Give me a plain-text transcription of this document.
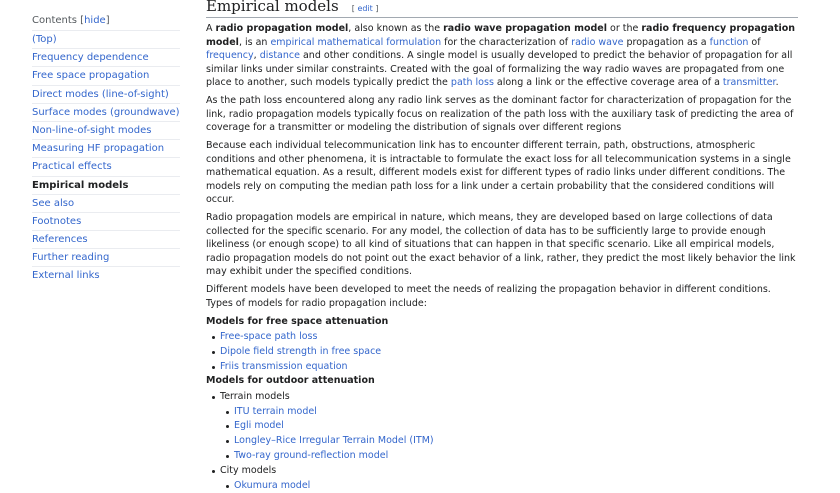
Contents [hide]
(Top)
Frequency dependence
Free space propagation
Direct modes (line-of-sight)
Surface modes (groundwave)
Non-line-of-sight modes
Measuring HF propagation
Practical effects
Empirical models
See also
Footnotes
References
Further reading
External links
Empirical models [ edit ]

A radio propagation model, also known as the radio wave propagation model or the radio frequency propagation model, is an empirical mathematical formulation for the characterization of radio wave propagation as a function of frequency, distance and other conditions. A single model is usually developed to predict the behavior of propagation for all similar links under similar constraints. Created with the goal of formalizing the way radio waves are propagated from one place to another, such models typically predict the path loss along a link or the effective coverage area of a transmitter.

As the path loss encountered along any radio link serves as the dominant factor for characterization of propagation for the link, radio propagation models typically focus on realization of the path loss with the auxiliary task of predicting the area of coverage for a transmitter or modeling the distribution of signals over different regions

Because each individual telecommunication link has to encounter different terrain, path, obstructions, atmospheric conditions and other phenomena, it is intractable to formulate the exact loss for all telecommunication systems in a single mathematical equation. As a result, different models exist for different types of radio links under different conditions. The models rely on computing the median path loss for a link under a certain probability that the considered conditions will occur.

Radio propagation models are empirical in nature, which means, they are developed based on large collections of data collected for the specific scenario. For any model, the collection of data has to be sufficiently large to provide enough likeliness (or enough scope) to all kind of situations that can happen in that specific scenario. Like all empirical models, radio propagation models do not point out the exact behavior of a link, rather, they predict the most likely behavior the link may exhibit under the specified conditions.

Different models have been developed to meet the needs of realizing the propagation behavior in different conditions. Types of models for radio propagation include:

Models for free space attenuation
Free-space path loss
Dipole field strength in free space
Friis transmission equation
Models for outdoor attenuation
Terrain models
ITU terrain model
Egli model
Longley–Rice Irregular Terrain Model (ITM)
Two-ray ground-reflection model
City models
Okumura model
